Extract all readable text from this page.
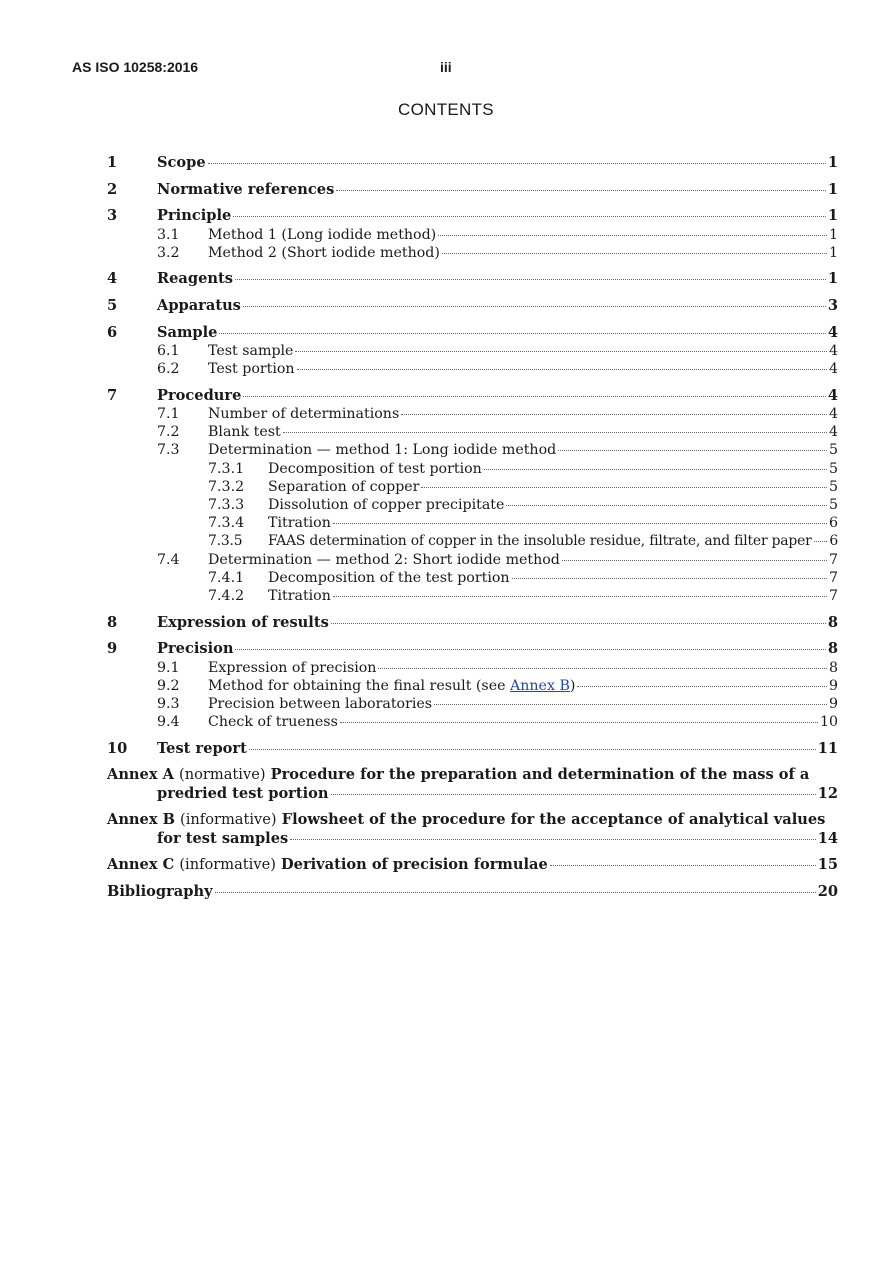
AS ISO 10258:2016	iii
CONTENTS
1	Scope	1
2	Normative references	1
3	Principle	1
3.1	Method 1 (Long iodide method)	1
3.2	Method 2 (Short iodide method)	1
4	Reagents	1
5	Apparatus	3
6	Sample	4
6.1	Test sample	4
6.2	Test portion	4
7	Procedure	4
7.1	Number of determinations	4
7.2	Blank test	4
7.3	Determination — method 1: Long iodide method	5
7.3.1	Decomposition of test portion	5
7.3.2	Separation of copper	5
7.3.3	Dissolution of copper precipitate	5
7.3.4	Titration	6
7.3.5	FAAS determination of copper in the insoluble residue, filtrate, and filter paper 6
7.4	Determination — method 2: Short iodide method	7
7.4.1	Decomposition of the test portion	7
7.4.2	Titration	7
8	Expression of results	8
9	Precision	8
9.1	Expression of precision	8
9.2	Method for obtaining the final result (see Annex B)	9
9.3	Precision between laboratories	9
9.4	Check of trueness	10
10	Test report	11
Annex A (normative) Procedure for the preparation and determination of the mass of a
predried test portion	12
Annex B (informative) Flowsheet of the procedure for the acceptance of analytical values
for test samples	14
Annex C (informative) Derivation of precision formulae	15
Bibliography	20
